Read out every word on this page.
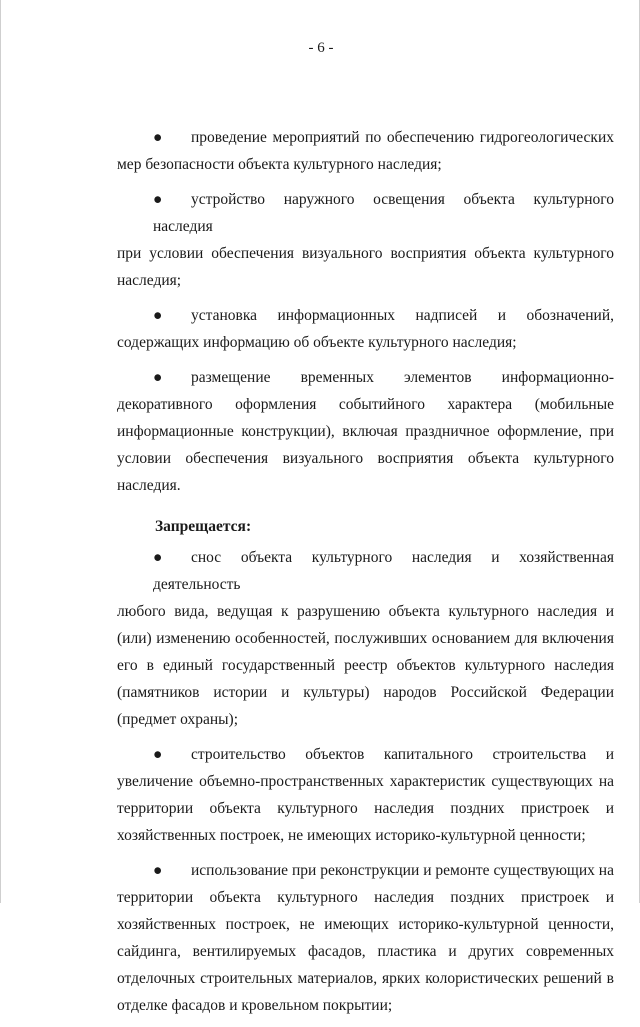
- 6 -
● проведение мероприятий по обеспечению гидрогеологических
мер безопасности объекта культурного наследия;
● устройство наружного освещения объекта культурного наследия
при условии обеспечения визуального восприятия объекта культурного наследия;
● установка информационных надписей и обозначений,
содержащих информацию об объекте культурного наследия;
● размещение временных элементов информационно-
декоративного оформления событийного характера (мобильные информационные конструкции), включая праздничное оформление, при условии обеспечения визуального восприятия объекта культурного наследия.
Запрещается:
● снос объекта культурного наследия и хозяйственная деятельность
любого вида, ведущая к разрушению объекта культурного наследия и (или) изменению особенностей, послуживших основанием для включения его в единый государственный реестр объектов культурного наследия (памятников истории и культуры) народов Российской Федерации (предмет охраны);
● строительство объектов капитального строительства и
увеличение объемно-пространственных характеристик существующих на территории объекта культурного наследия поздних пристроек и хозяйственных построек, не имеющих историко-культурной ценности;
● использование при реконструкции и ремонте существующих на
территории объекта культурного наследия поздних пристроек и хозяйственных построек, не имеющих историко-культурной ценности, сайдинга, вентилируемых фасадов, пластика и других современных отделочных строительных материалов, ярких колористических решений в отделке фасадов и кровельном покрытии;
